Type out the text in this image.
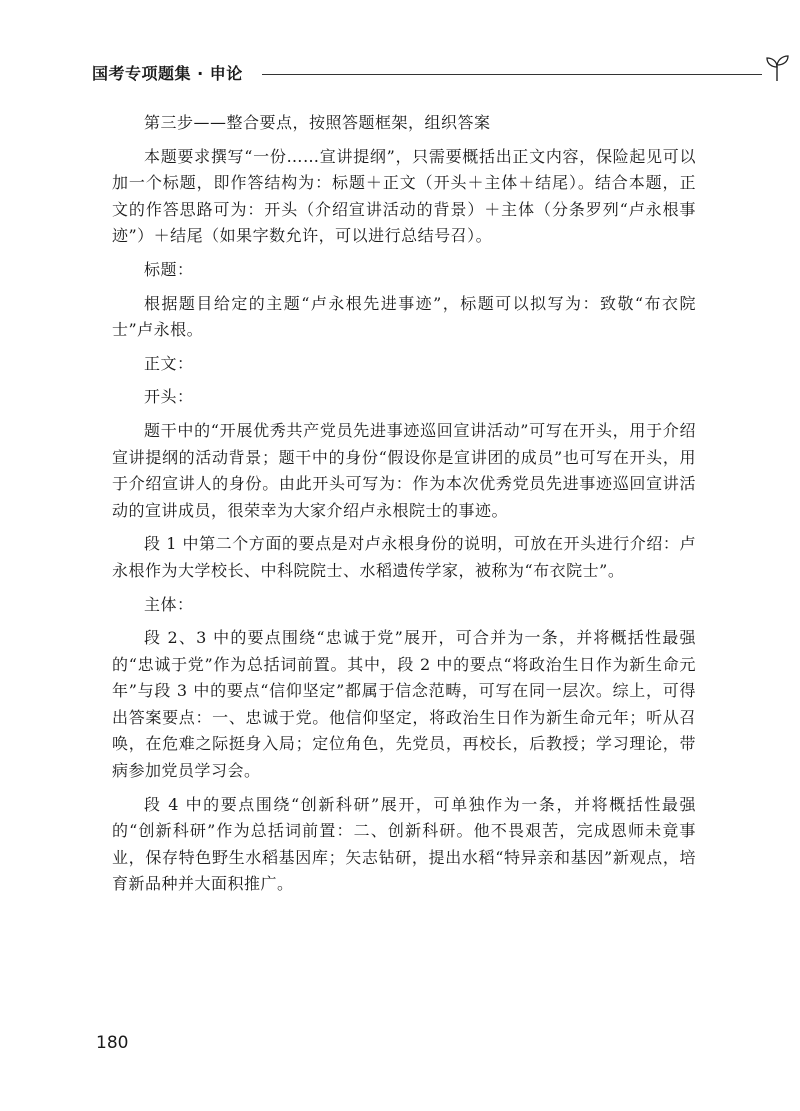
国考专项题集 · 申论

第三步——整合要点，按照答题框架，组织答案

本题要求撰写“一份……宣讲提纲”，只需要概括出正文内容，保险起见可以加一个标题，即作答结构为：标题＋正文（开头＋主体＋结尾）。结合本题，正文的作答思路可为：开头（介绍宣讲活动的背景）＋主体（分条罗列“卢永根事迹”）＋结尾（如果字数允许，可以进行总结号召）。

标题：

根据题目给定的主题“卢永根先进事迹”，标题可以拟写为：致敬“布衣院士”卢永根。

正文：

开头：

题干中的“开展优秀共产党员先进事迹巡回宣讲活动”可写在开头，用于介绍宣讲提纲的活动背景；题干中的身份“假设你是宣讲团的成员”也可写在开头，用于介绍宣讲人的身份。由此开头可写为：作为本次优秀党员先进事迹巡回宣讲活动的宣讲成员，很荣幸为大家介绍卢永根院士的事迹。

段 1 中第二个方面的要点是对卢永根身份的说明，可放在开头进行介绍：卢永根作为大学校长、中科院院士、水稻遗传学家，被称为“布衣院士”。

主体：

段 2、3 中的要点围绕“忠诚于党”展开，可合并为一条，并将概括性最强的“忠诚于党”作为总括词前置。其中，段 2 中的要点“将政治生日作为新生命元年”与段 3 中的要点“信仰坚定”都属于信念范畴，可写在同一层次。综上，可得出答案要点：一、忠诚于党。他信仰坚定，将政治生日作为新生命元年；听从召唤，在危难之际挺身入局；定位角色，先党员，再校长，后教授；学习理论，带病参加党员学习会。

段 4 中的要点围绕“创新科研”展开，可单独作为一条，并将概括性最强的“创新科研”作为总括词前置：二、创新科研。他不畏艰苦，完成恩师未竟事业，保存特色野生水稻基因库；矢志钻研，提出水稻“特异亲和基因”新观点，培育新品种并大面积推广。

180
